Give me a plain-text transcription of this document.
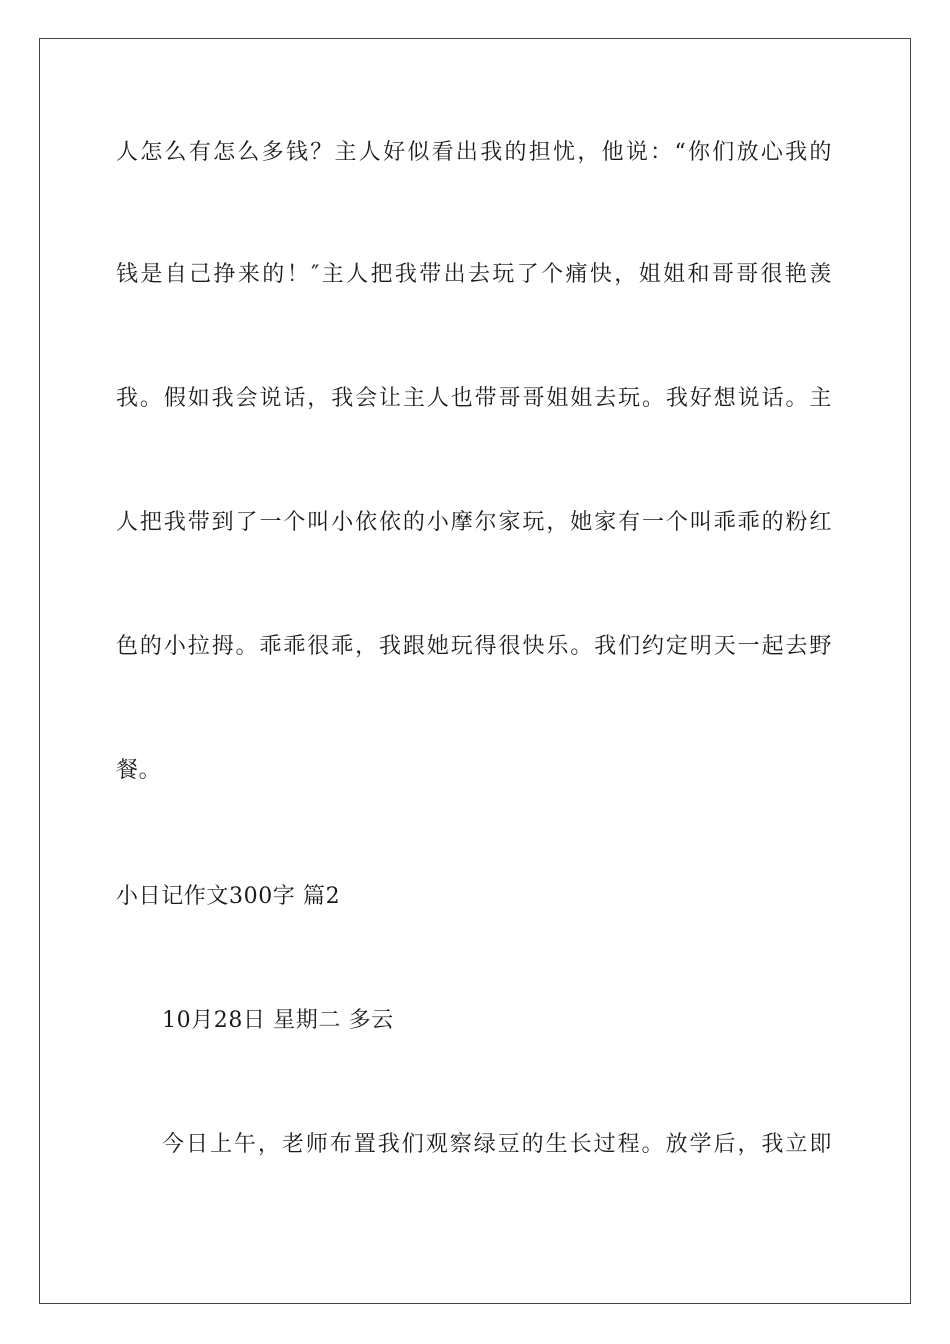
人怎么有怎么多钱？主人好似看出我的担忧，他说：“你们放心我的
钱是自己挣来的！″主人把我带出去玩了个痛快，姐姐和哥哥很艳羡
我。假如我会说话，我会让主人也带哥哥姐姐去玩。我好想说话。主
人把我带到了一个叫小依依的小摩尔家玩，她家有一个叫乖乖的粉红
色的小拉拇。乖乖很乖，我跟她玩得很快乐。我们约定明天一起去野
餐。
小日记作文300字 篇2
10月28日 星期二 多云
今日上午，老师布置我们观察绿豆的生长过程。放学后，我立即
